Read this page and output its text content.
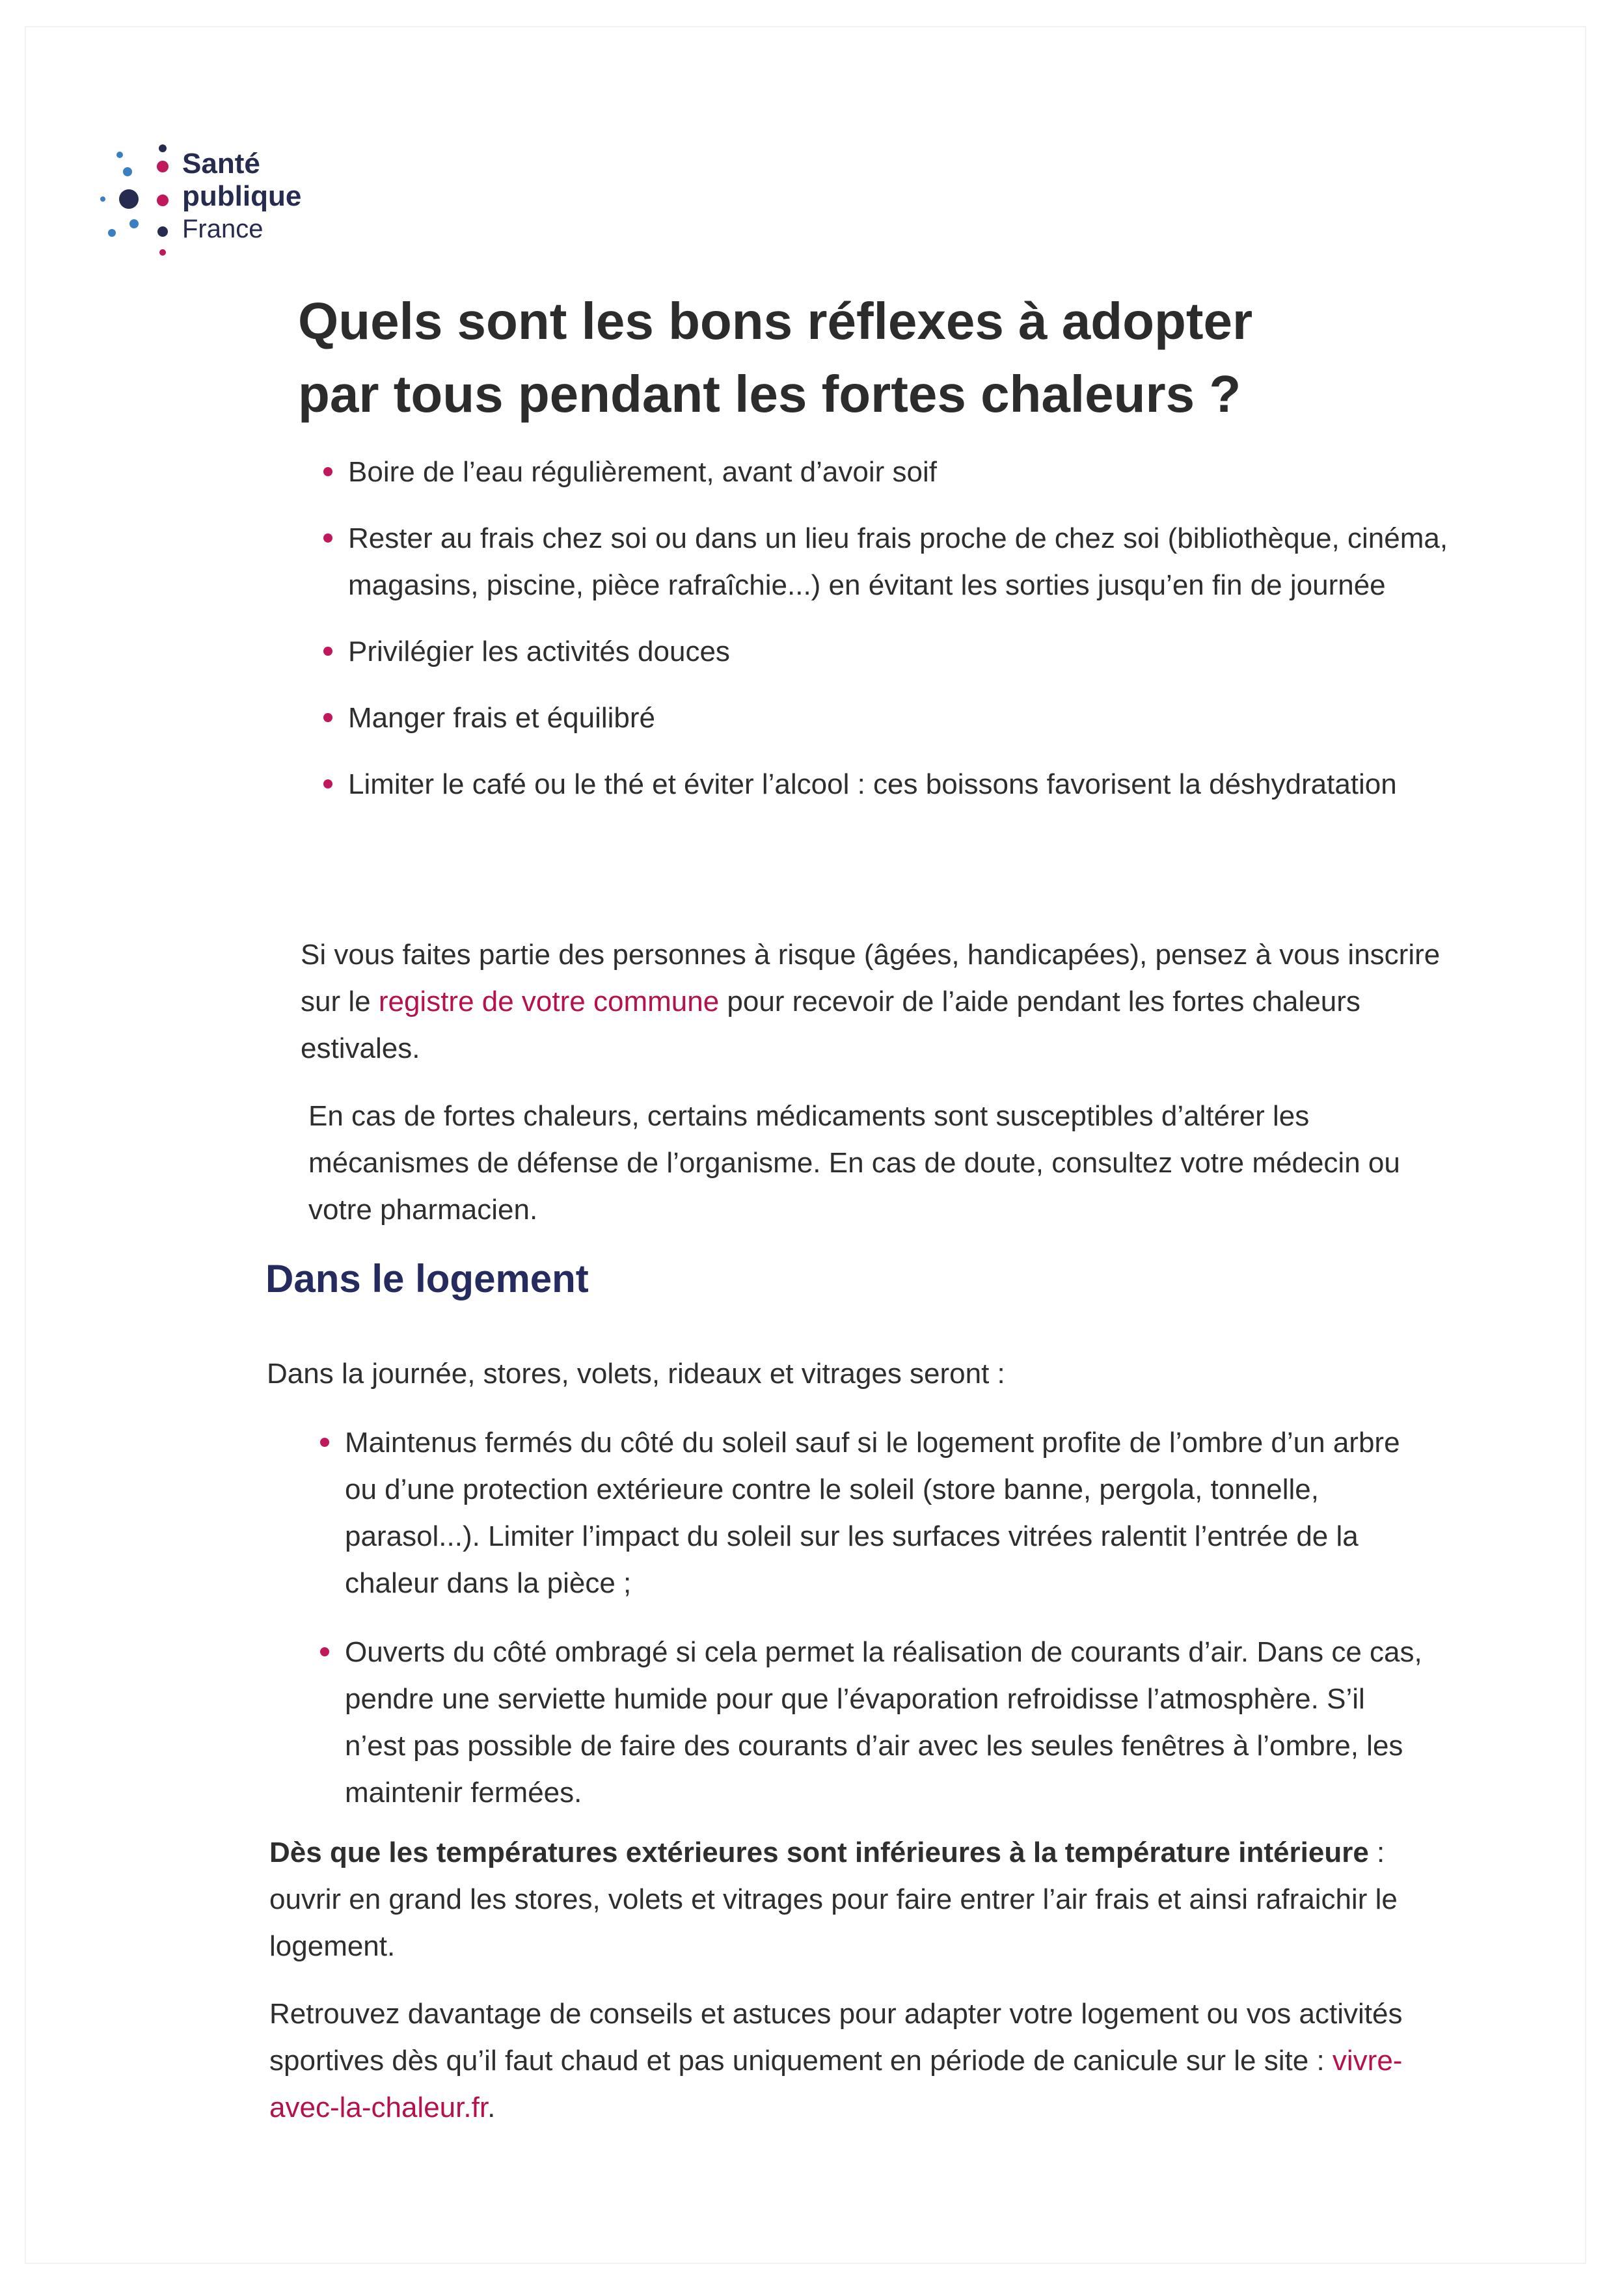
Santé
publique
France
Quels sont les bons réflexes à adopter
par tous pendant les fortes chaleurs ?
Boire de l’eau régulièrement, avant d’avoir soif
Rester au frais chez soi ou dans un lieu frais proche de chez soi (bibliothèque, cinéma, magasins, piscine, pièce rafraîchie...) en évitant les sorties jusqu’en fin de journée
Privilégier les activités douces
Manger frais et équilibré
Limiter le café ou le thé et éviter l’alcool : ces boissons favorisent la déshydratation

Si vous faites partie des personnes à risque (âgées, handicapées), pensez à vous inscrire sur le registre de votre commune pour recevoir de l’aide pendant les fortes chaleurs estivales.

En cas de fortes chaleurs, certains médicaments sont susceptibles d’altérer les mécanismes de défense de l’organisme. En cas de doute, consultez votre médecin ou votre pharmacien.

Dans le logement

Dans la journée, stores, volets, rideaux et vitrages seront :

Maintenus fermés du côté du soleil sauf si le logement profite de l’ombre d’un arbre ou d’une protection extérieure contre le soleil (store banne, pergola, tonnelle, parasol...). Limiter l’impact du soleil sur les surfaces vitrées ralentit l’entrée de la chaleur dans la pièce ;
Ouverts du côté ombragé si cela permet la réalisation de courants d’air. Dans ce cas, pendre une serviette humide pour que l’évaporation refroidisse l’atmosphère. S’il n’est pas possible de faire des courants d’air avec les seules fenêtres à l’ombre, les maintenir fermées.

Dès que les températures extérieures sont inférieures à la température intérieure : ouvrir en grand les stores, volets et vitrages pour faire entrer l’air frais et ainsi rafraichir le logement.

Retrouvez davantage de conseils et astuces pour adapter votre logement ou vos activités sportives dès qu’il faut chaud et pas uniquement en période de canicule sur le site : vivre-avec-la-chaleur.fr.
